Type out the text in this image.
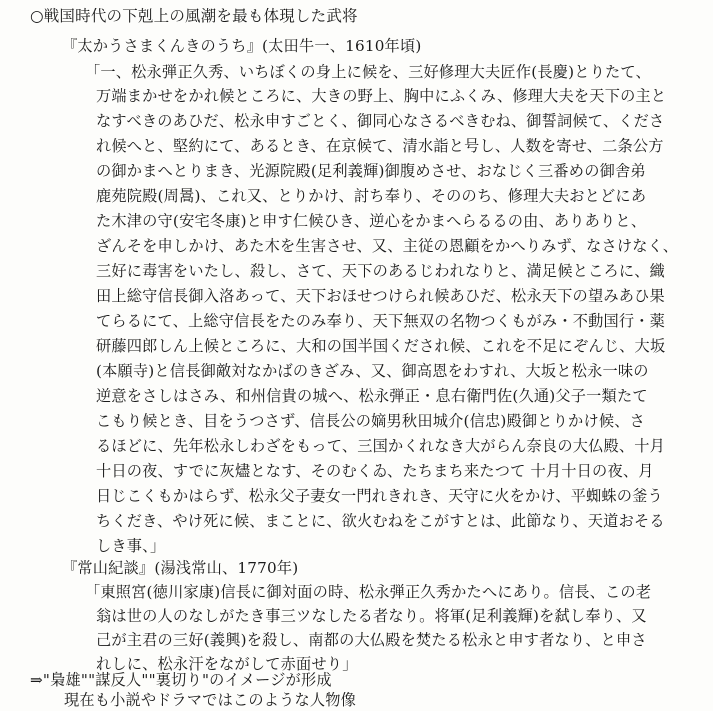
○戦国時代の下剋上の風潮を最も体現した武将
『太かうさまくんきのうち』(太田牛一、1610年頃)
「一、松永弾正久秀、いちぼくの身上に候を、三好修理大夫匠作(長慶)とりたて、
万端まかせをかれ候ところに、大きの野上、胸中にふくみ、修理大夫を天下の主と
なすべきのあひだ、松永申すごとく、御同心なさるべきむね、御誓詞候て、くださ
れ候へと、堅約にて、あるとき、在京候て、清水詣と号し、人数を寄せ、二条公方
の御かまへとりまき、光源院殿(足利義輝)御腹めさせ、おなじく三番めの御舎弟
鹿苑院殿(周暠)、これ又、とりかけ、討ち奉り、そののち、修理大夫おとどにあ
た木津の守(安宅冬康)と申す仁候ひき、逆心をかまへらるるの由、ありありと、
ざんそを申しかけ、あた木を生害させ、又、主従の恩顧をかへりみず、なさけなく、
三好に毒害をいたし、殺し、さて、天下のあるじわれなりと、満足候ところに、織
田上総守信長御入洛あって、天下おほせつけられ候あひだ、松永天下の望みあひ果
てらるにて、上総守信長をたのみ奉り、天下無双の名物つくもがみ・不動国行・薬
研藤四郎しん上候ところに、大和の国半国くだされ候、これを不足にぞんじ、大坂
(本願寺)と信長御敵対なかばのきざみ、又、御高恩をわすれ、大坂と松永一味の
逆意をさしはさみ、和州信貴の城へ、松永弾正・息右衛門佐(久通)父子一類たて
こもり候とき、目をうつさず、信長公の嫡男秋田城介(信忠)殿御とりかけ候、さ
るほどに、先年松永しわざをもって、三国かくれなき大がらん奈良の大仏殿、十月
十日の夜、すでに灰燼となす、そのむくゐ、たちまち来たつて 十月十日の夜、月
日じこくもかはらず、松永父子妻女一門れきれき、天守に火をかけ、平蜘蛛の釜う
ちくだき、やけ死に候、まことに、欲火むねをこがすとは、此節なり、天道おそる
しき事、」
『常山紀談』(湯浅常山、1770年)
「東照宮(徳川家康)信長に御対面の時、松永弾正久秀かたへにあり。信長、この老
翁は世の人のなしがたき事三ツなしたる者なり。将軍(足利義輝)を弑し奉り、又
己が主君の三好(義興)を殺し、南都の大仏殿を焚たる松永と申す者なり、と申さ
れしに、松永汗をながして赤面せり」
⇒"梟雄""謀反人""裏切り"のイメージが形成
現在も小説やドラマではこのような人物像
